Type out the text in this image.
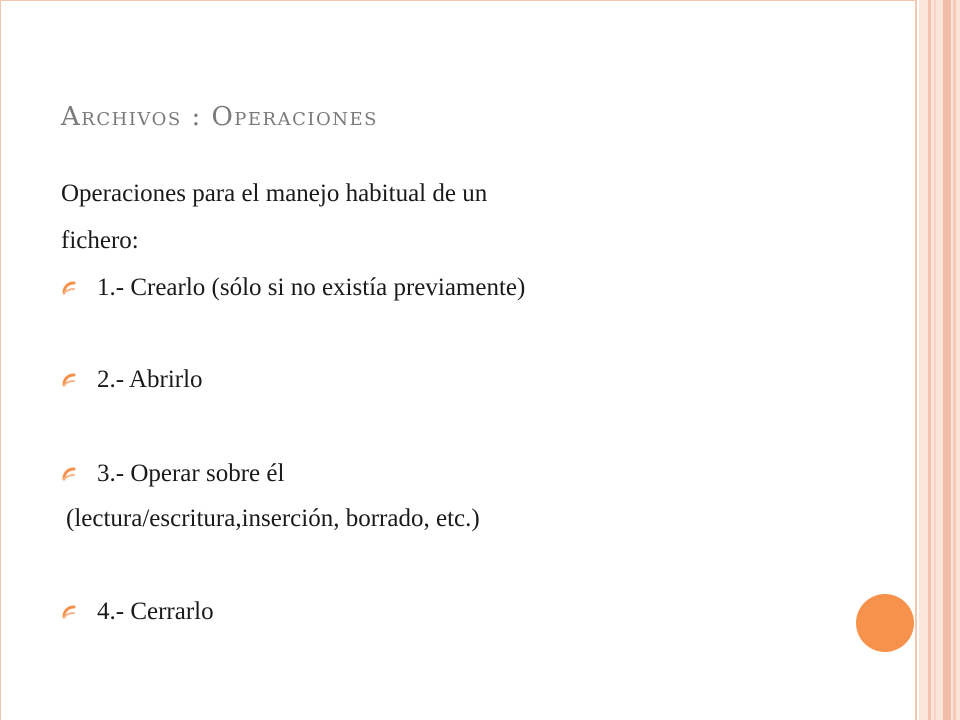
Archivos : Operaciones

Operaciones para el manejo habitual de un

fichero:

1.- Crearlo (sólo si no existía previamente)
2.- Abrirlo
3.- Operar sobre él

(lectura/escritura,inserción, borrado, etc.)

4.- Cerrarlo
